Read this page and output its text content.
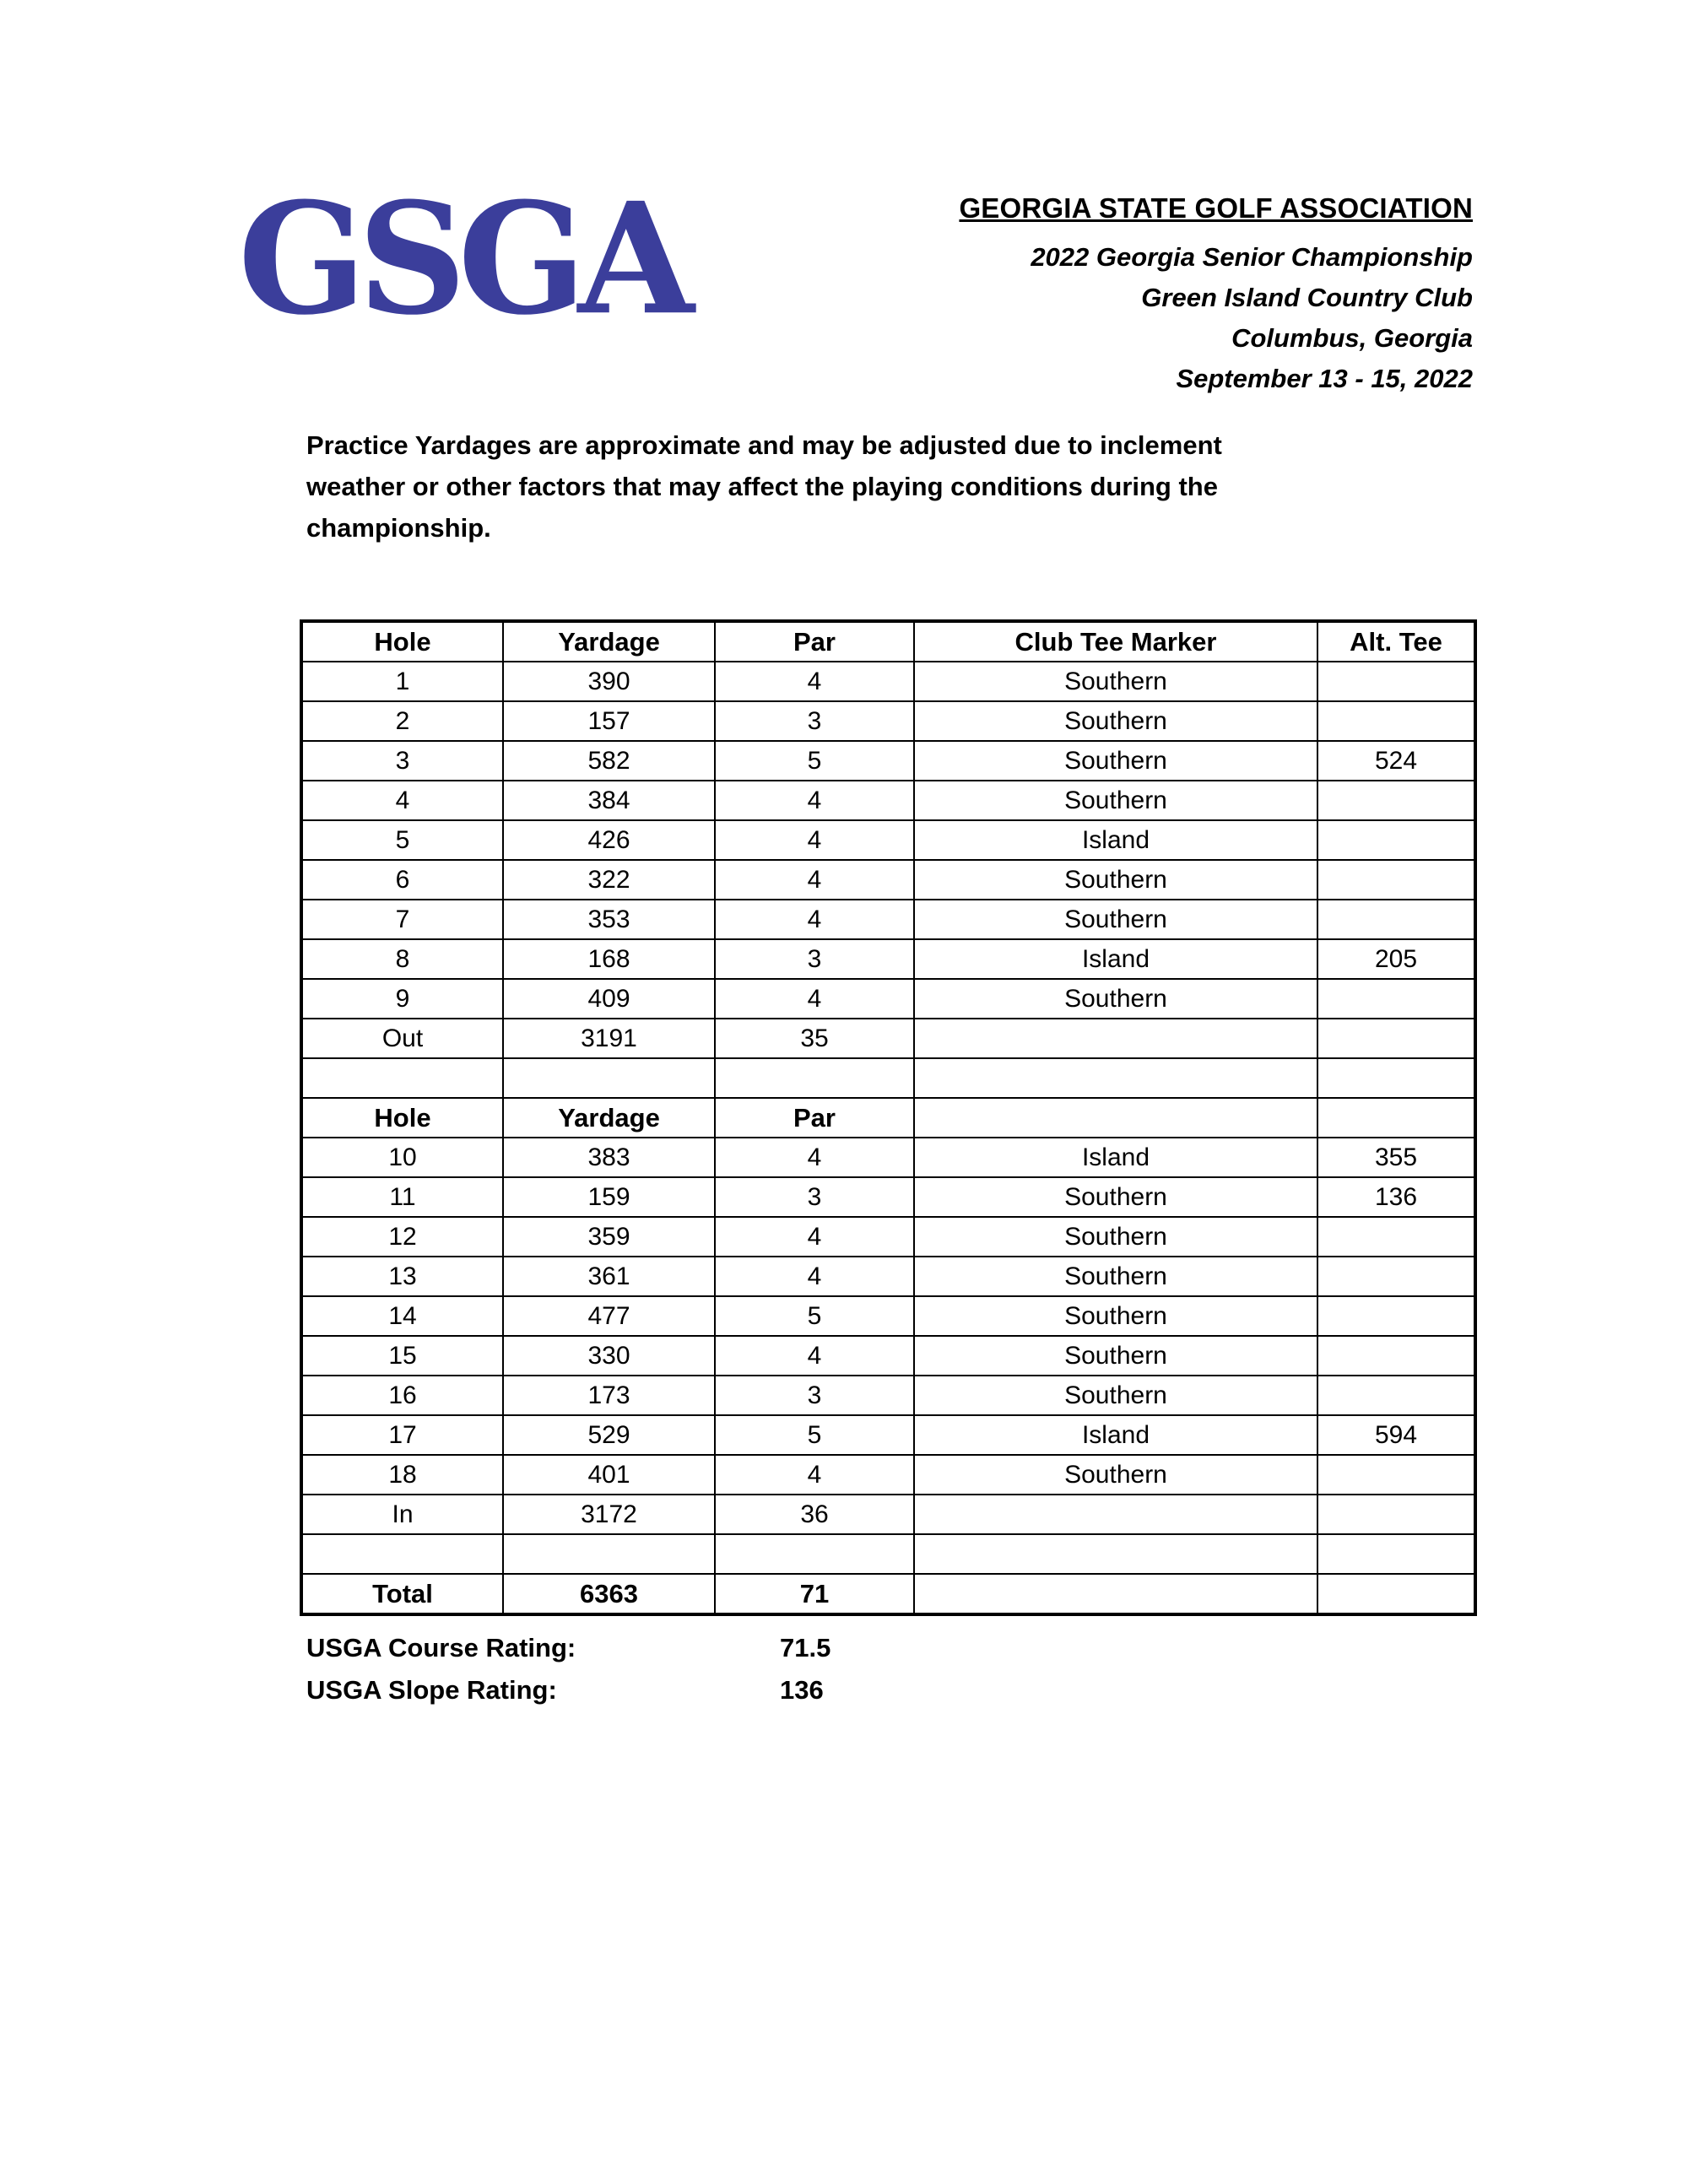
GSGA	GEORGIA STATE GOLF ASSOCIATION
2022 Georgia Senior Championship
Green Island Country Club
Columbus, Georgia
September 13 - 15, 2022
Practice Yardages are approximate and may be adjusted due to inclement weather or other factors that may affect the playing conditions during the championship.
Hole	Yardage	Par	Club Tee Marker	Alt. Tee
1	390	4	Southern	
2	157	3	Southern	
3	582	5	Southern	524
4	384	4	Southern	
5	426	4	Island	
6	322	4	Southern	
7	353	4	Southern	
8	168	3	Island	205
9	409	4	Southern	
Out	3191	35		

Hole	Yardage	Par		
10	383	4	Island	355
11	159	3	Southern	136
12	359	4	Southern	
13	361	4	Southern	
14	477	5	Southern	
15	330	4	Southern	
16	173	3	Southern	
17	529	5	Island	594
18	401	4	Southern	
In	3172	36		

Total	6363	71		
USGA Course Rating:	71.5
USGA Slope Rating:	136
